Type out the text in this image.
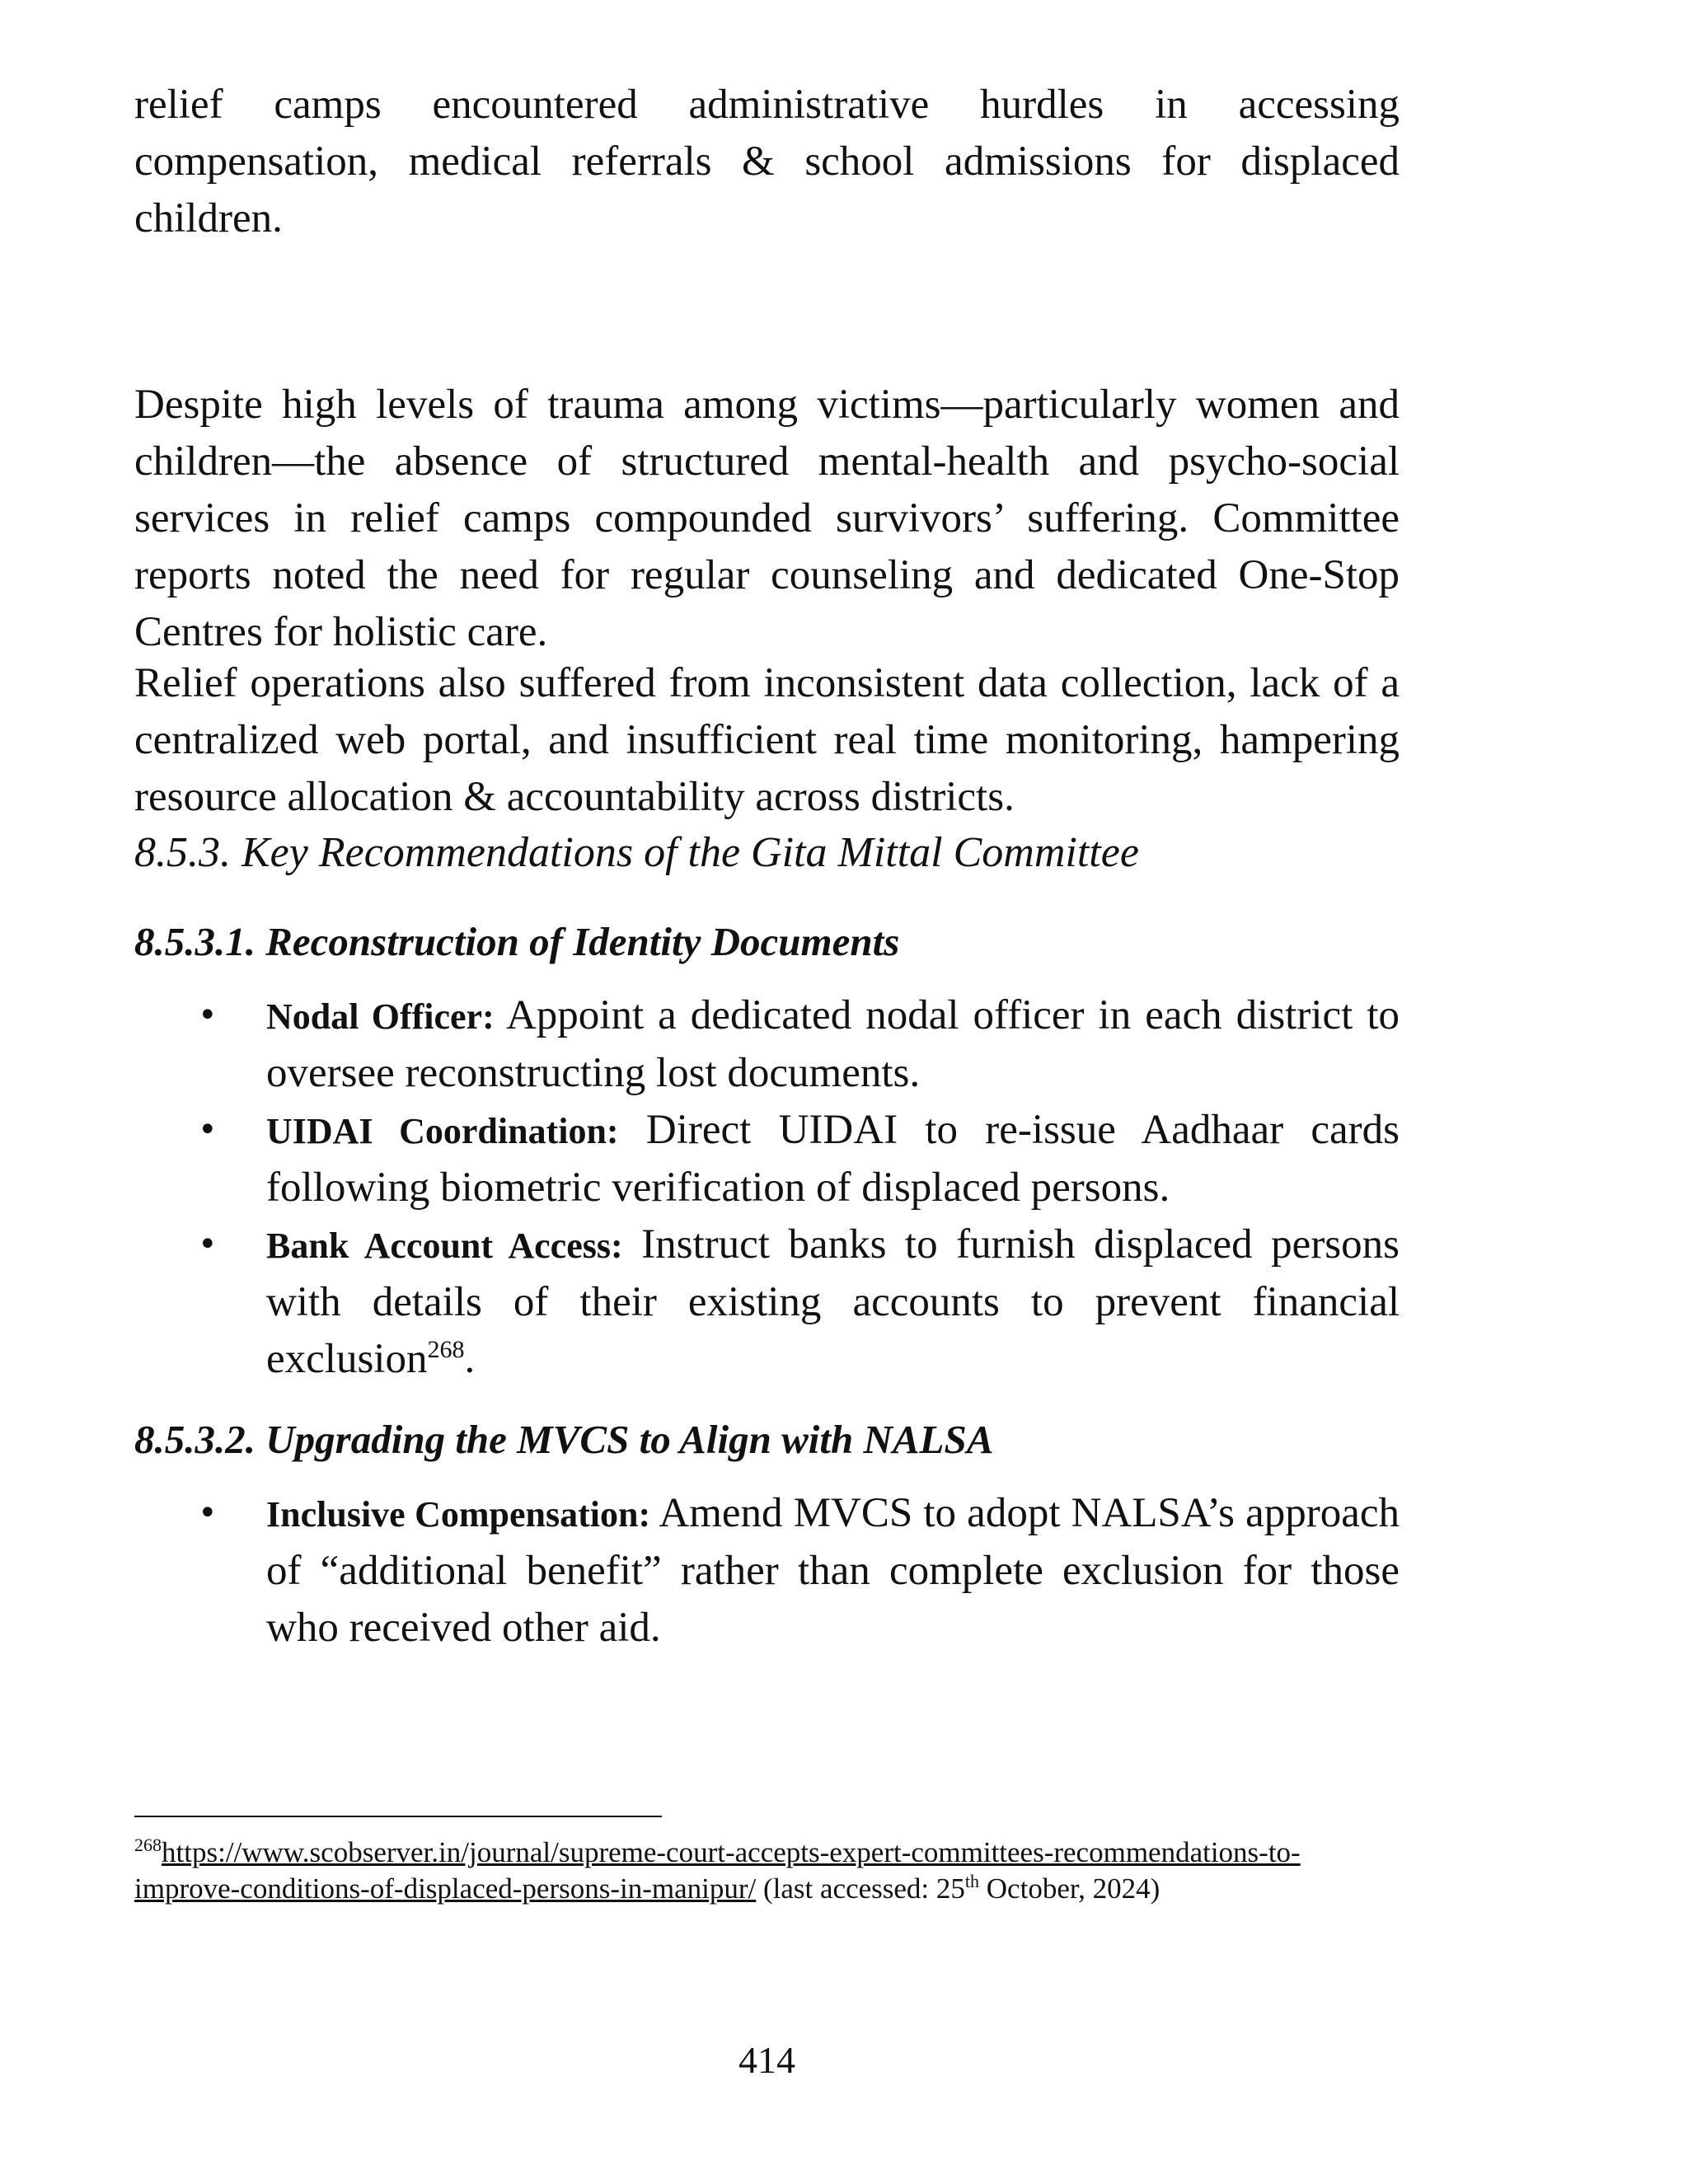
relief camps encountered administrative hurdles in accessing compensation, medical referrals & school admissions for displaced children.

Despite high levels of trauma among victims—particularly women and children—the absence of structured mental-health and psycho-social services in relief camps compounded survivors’ suffering. Committee reports noted the need for regular counseling and dedicated One-Stop Centres for holistic care.

Relief operations also suffered from inconsistent data collection, lack of a centralized web portal, and insufficient real time monitoring, hampering resource allocation & accountability across districts.

8.5.3. Key Recommendations of the Gita Mittal Committee

8.5.3.1. Reconstruction of Identity Documents

•	Nodal Officer: Appoint a dedicated nodal officer in each district to oversee reconstructing lost documents.
•	UIDAI Coordination: Direct UIDAI to re-issue Aadhaar cards following biometric verification of displaced persons.
•	Bank Account Access: Instruct banks to furnish displaced persons with details of their existing accounts to prevent financial exclusion$^{268}$.

8.5.3.2. Upgrading the MVCS to Align with NALSA

•	Inclusive Compensation: Amend MVCS to adopt NALSA’s approach of “additional benefit” rather than complete exclusion for those who received other aid.

$^{268}$https://www.scobserver.in/journal/supreme-court-accepts-expert-committees-recommendations-to-improve-conditions-of-displaced-persons-in-manipur/ (last accessed: 25th October, 2024)

414
